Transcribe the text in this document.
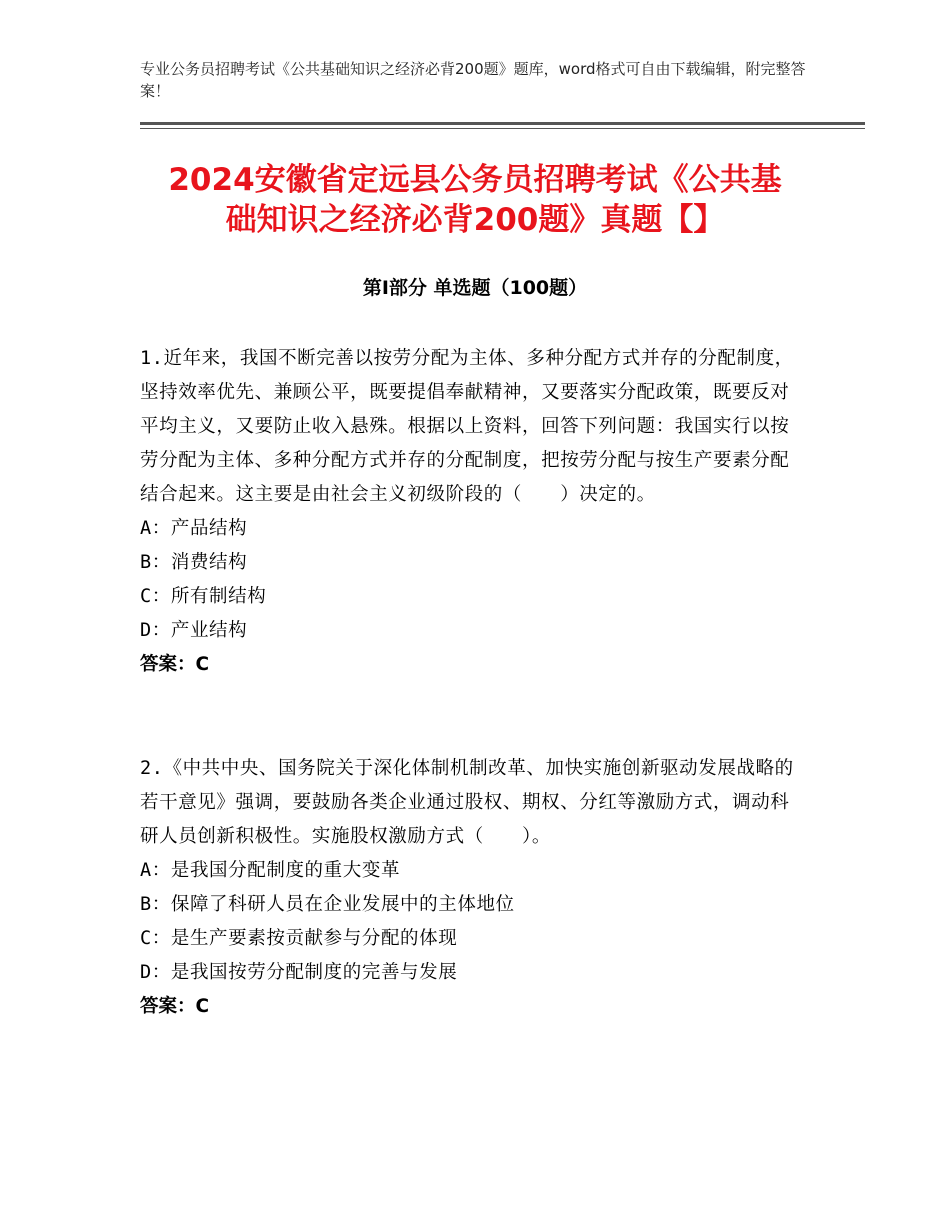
专业公务员招聘考试《公共基础知识之经济必背200题》题库，word格式可自由下载编辑，附完整答案！
2024安徽省定远县公务员招聘考试《公共基
础知识之经济必背200题》真题【】
第Ⅰ部分 单选题（100题）
1.近年来，我国不断完善以按劳分配为主体、多种分配方式并存的分配制度，坚持效率优先、兼顾公平，既要提倡奉献精神，又要落实分配政策，既要反对平均主义，又要防止收入悬殊。根据以上资料，回答下列问题：我国实行以按劳分配为主体、多种分配方式并存的分配制度，把按劳分配与按生产要素分配结合起来。这主要是由社会主义初级阶段的（　　）决定的。
A：产品结构
B：消费结构
C：所有制结构
D：产业结构
答案：C
2.《中共中央、国务院关于深化体制机制改革、加快实施创新驱动发展战略的若干意见》强调，要鼓励各类企业通过股权、期权、分红等激励方式，调动科研人员创新积极性。实施股权激励方式（　　）。
A：是我国分配制度的重大变革
B：保障了科研人员在企业发展中的主体地位
C：是生产要素按贡献参与分配的体现
D：是我国按劳分配制度的完善与发展
答案：C
